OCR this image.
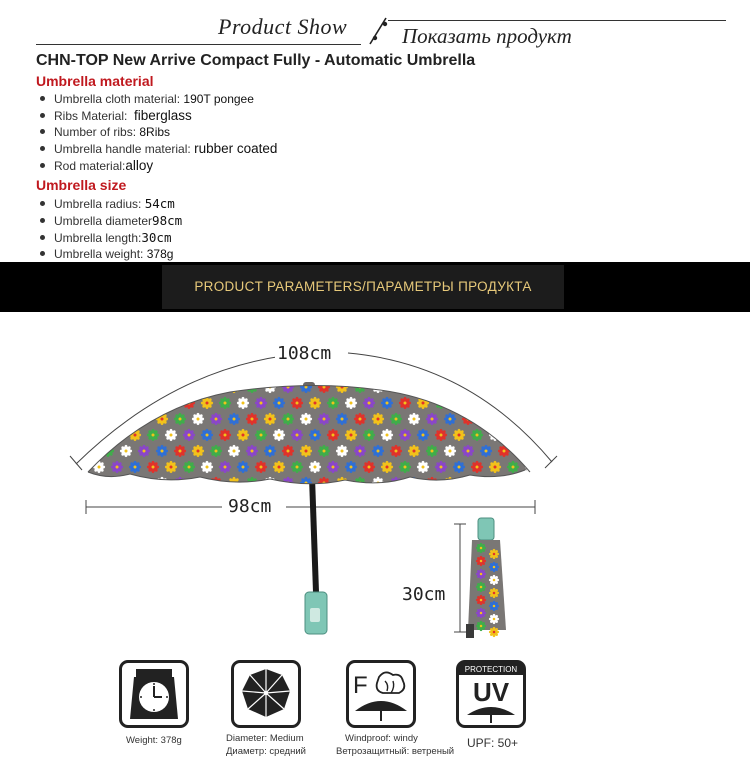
Product Show	Показать продукт
CHN-TOP New Arrive Compact Fully - Automatic Umbrella
Umbrella material
Umbrella cloth material: 190T pongee
Ribs Material: fiberglass
Number of ribs: 8Ribs
Umbrella handle material: rubber coated
Rod material:alloy
Umbrella size
Umbrella radius: 54cm
Umbrella diameter98cm
Umbrella length:30cm
Umbrella weight: 378g
PRODUCT PARAMETERS/ПАРАМЕТРЫ ПРОДУКТА
108cm
98cm
30cm
F
PROTECTION
UV
Weight: 378g	Diameter: Medium
Диаметр: средний
Windproof: windy
Ветрозащитный: ветреный
UPF: 50+
